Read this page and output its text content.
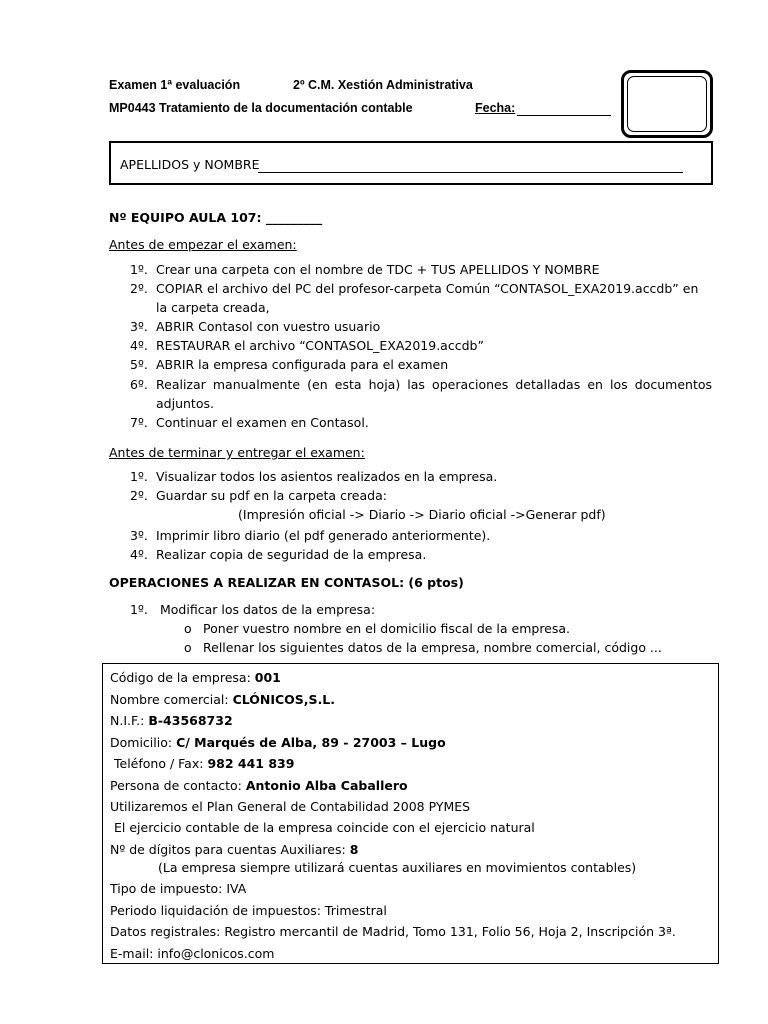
Examen 1ª evaluación	2º C.M. Xestión Administrativa
MP0443 Tratamiento de la documentación contable	Fecha:
APELLIDOS y NOMBRE
Nº EQUIPO AULA 107: _________
Antes de empezar el examen:
1º. Crear una carpeta con el nombre de TDC + TUS APELLIDOS Y NOMBRE
2º. COPIAR el archivo del PC del profesor-carpeta Común “CONTASOL_EXA2019.accdb” en
la carpeta creada,
3º. ABRIR Contasol con vuestro usuario
4º. RESTAURAR el archivo “CONTASOL_EXA2019.accdb”
5º. ABRIR la empresa configurada para el examen
6º. Realizar manualmente (en esta hoja) las operaciones detalladas en los documentos
adjuntos.
7º. Continuar el examen en Contasol.
Antes de terminar y entregar el examen:
1º. Visualizar todos los asientos realizados en la empresa.
2º. Guardar su pdf en la carpeta creada:
(Impresión oficial -> Diario -> Diario oficial ->Generar pdf)
3º. Imprimir libro diario (el pdf generado anteriormente).
4º. Realizar copia de seguridad de la empresa.
OPERACIONES A REALIZAR EN CONTASOL: (6 ptos)
1º. Modificar los datos de la empresa:
o Poner vuestro nombre en el domicilio fiscal de la empresa.
o Rellenar los siguientes datos de la empresa, nombre comercial, código ...
Código de la empresa: 001
Nombre comercial: CLÓNICOS,S.L.
N.I.F.: B-43568732
Domicilio: C/ Marqués de Alba, 89 - 27003 – Lugo
Teléfono / Fax: 982 441 839
Persona de contacto: Antonio Alba Caballero
Utilizaremos el Plan General de Contabilidad 2008 PYMES
El ejercicio contable de la empresa coincide con el ejercicio natural
Nº de dígitos para cuentas Auxiliares: 8
(La empresa siempre utilizará cuentas auxiliares en movimientos contables)
Tipo de impuesto: IVA
Periodo liquidación de impuestos: Trimestral
Datos registrales: Registro mercantil de Madrid, Tomo 131, Folio 56, Hoja 2, Inscripción 3ª.
E-mail: info@clonicos.com
